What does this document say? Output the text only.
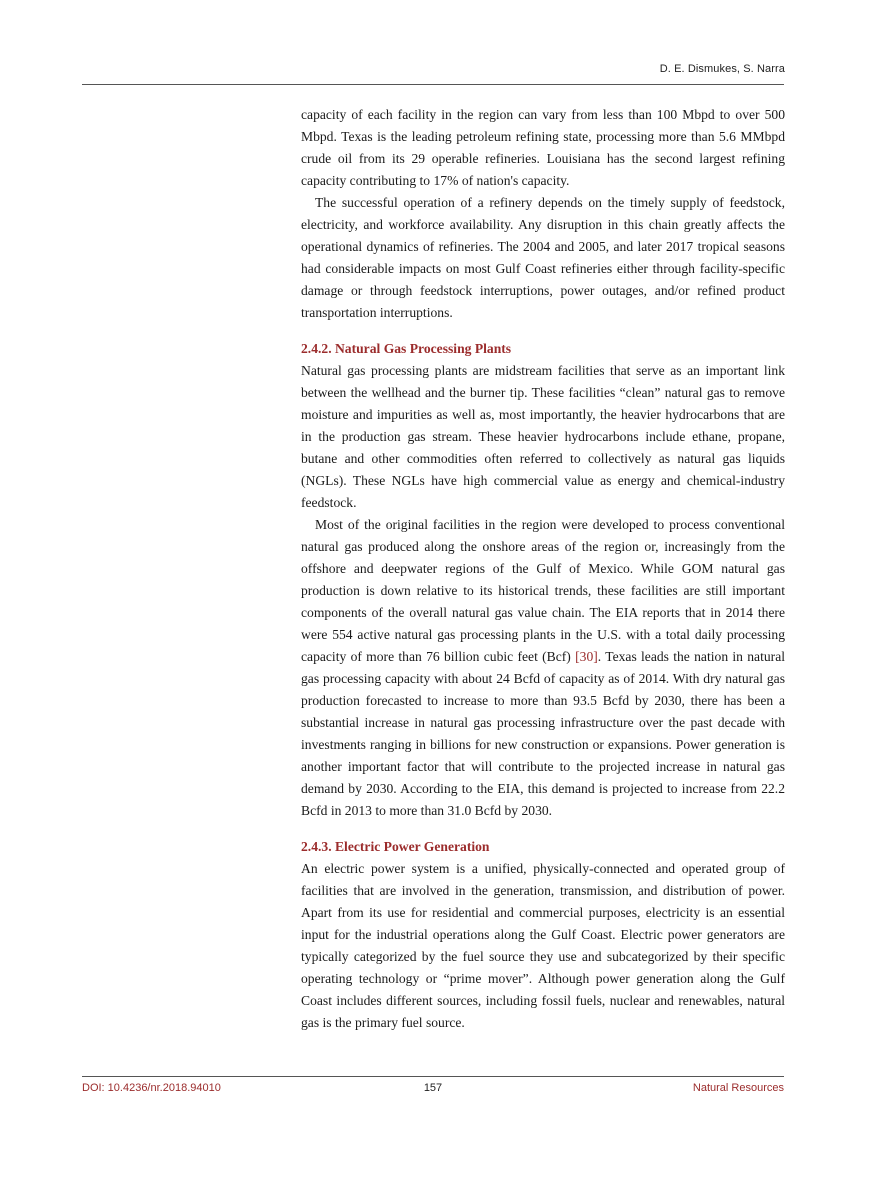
D. E. Dismukes, S. Narra

capacity of each facility in the region can vary from less than 100 Mbpd to over 500 Mbpd. Texas is the leading petroleum refining state, processing more than 5.6 MMbpd crude oil from its 29 operable refineries. Louisiana has the second largest refining capacity contributing to 17% of nation's capacity.

The successful operation of a refinery depends on the timely supply of feedstock, electricity, and workforce availability. Any disruption in this chain greatly affects the operational dynamics of refineries. The 2004 and 2005, and later 2017 tropical seasons had considerable impacts on most Gulf Coast refineries either through facility-specific damage or through feedstock interruptions, power outages, and/or refined product transportation interruptions.

2.4.2. Natural Gas Processing Plants

Natural gas processing plants are midstream facilities that serve as an important link between the wellhead and the burner tip. These facilities “clean” natural gas to remove moisture and impurities as well as, most importantly, the heavier hydrocarbons that are in the production gas stream. These heavier hydrocarbons include ethane, propane, butane and other commodities often referred to collectively as natural gas liquids (NGLs). These NGLs have high commercial value as energy and chemical-industry feedstock.

Most of the original facilities in the region were developed to process conventional natural gas produced along the onshore areas of the region or, increasingly from the offshore and deepwater regions of the Gulf of Mexico. While GOM natural gas production is down relative to its historical trends, these facilities are still important components of the overall natural gas value chain. The EIA reports that in 2014 there were 554 active natural gas processing plants in the U.S. with a total daily processing capacity of more than 76 billion cubic feet (Bcf) [30]. Texas leads the nation in natural gas processing capacity with about 24 Bcfd of capacity as of 2014. With dry natural gas production forecasted to increase to more than 93.5 Bcfd by 2030, there has been a substantial increase in natural gas processing infrastructure over the past decade with investments ranging in billions for new construction or expansions. Power generation is another important factor that will contribute to the projected increase in natural gas demand by 2030. According to the EIA, this demand is projected to increase from 22.2 Bcfd in 2013 to more than 31.0 Bcfd by 2030.

2.4.3. Electric Power Generation

An electric power system is a unified, physically-connected and operated group of facilities that are involved in the generation, transmission, and distribution of power. Apart from its use for residential and commercial purposes, electricity is an essential input for the industrial operations along the Gulf Coast. Electric power generators are typically categorized by the fuel source they use and subcategorized by their specific operating technology or “prime mover”. Although power generation along the Gulf Coast includes different sources, including fossil fuels, nuclear and renewables, natural gas is the primary fuel source.

DOI: 10.4236/nr.2018.94010	157	Natural Resources
